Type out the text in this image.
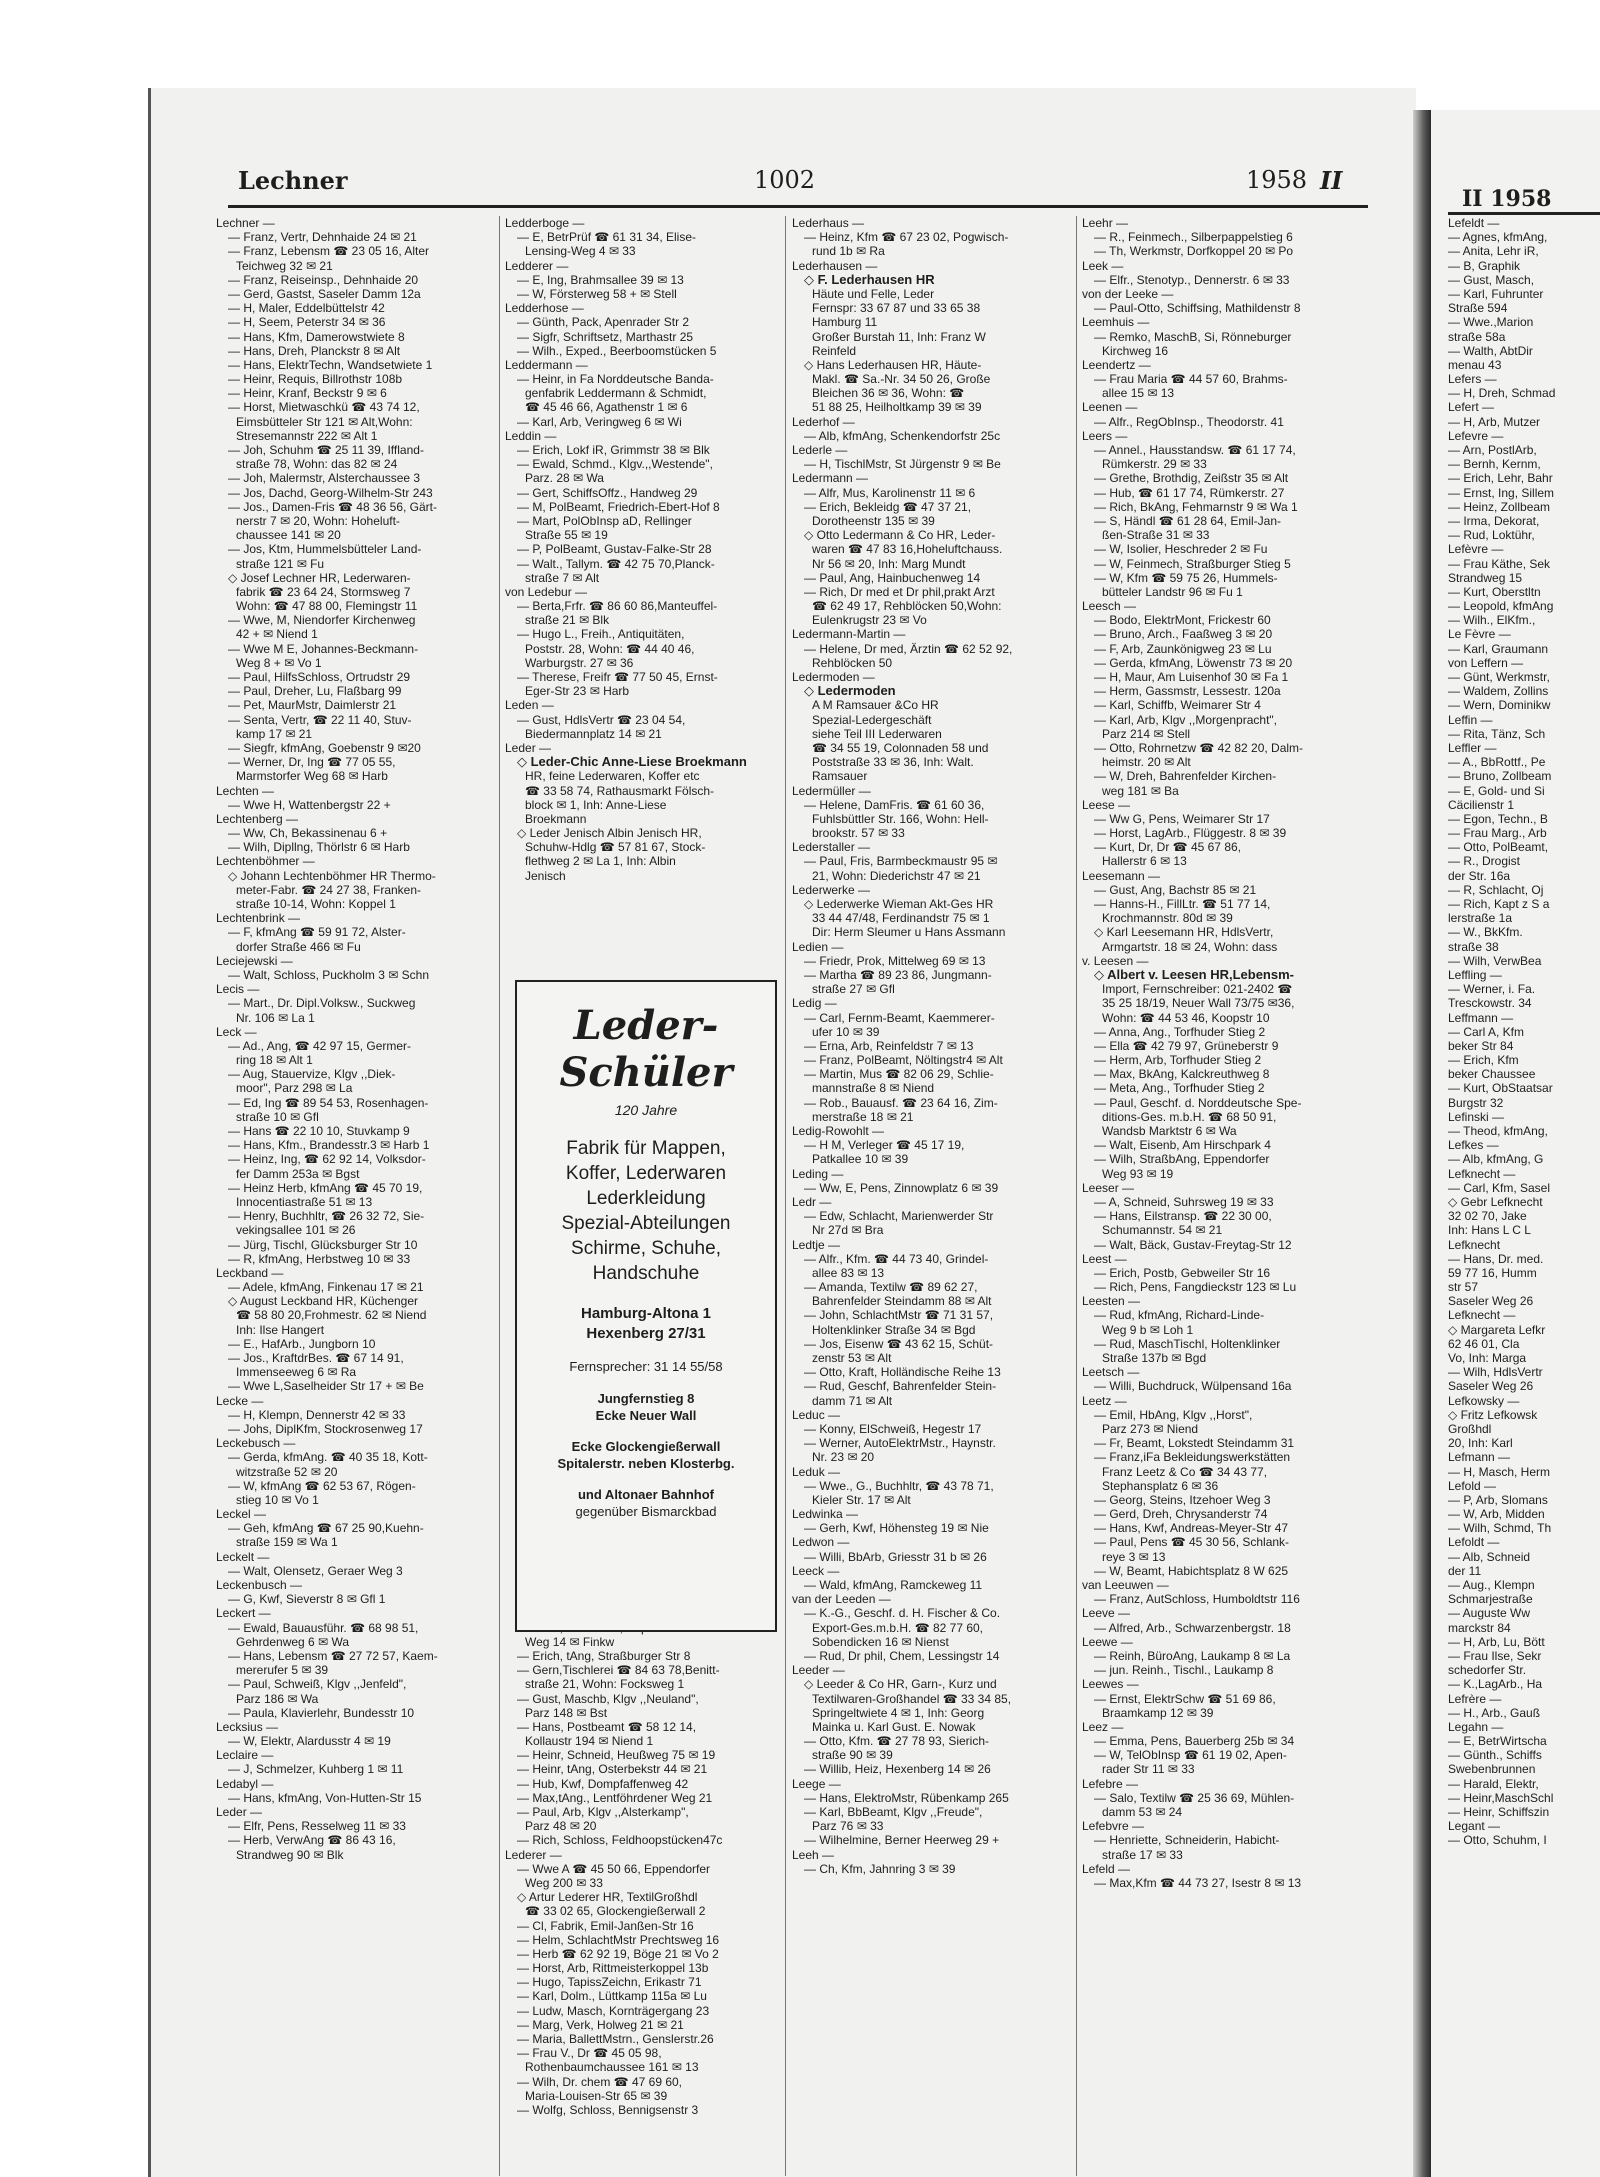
Lechner	1002	1958 II
Lechner —
— Franz, Vertr, Dehnhaide 24 ✉ 21
— Franz, Lebensm ☎ 23 05 16, Alter
Teichweg 32 ✉ 21
— Franz, Reiseinsp., Dehnhaide 20
— Gerd, Gastst, Saseler Damm 12a
— H, Maler, Eddelbüttelstr 42
— H, Seem, Peterstr 34 ✉ 36
— Hans, Kfm, Damerowstwiete 8
— Hans, Dreh, Planckstr 8 ✉ Alt
— Hans, ElektrTechn, Wandsetwiete 1
— Heinr, Requis, Billrothstr 108b
— Heinr, Kranf, Beckstr 9 ✉ 6
— Horst, Mietwaschkü ☎ 43 74 12,
Eimsbütteler Str 121 ✉ Alt,Wohn:
Stresemannstr 222 ✉ Alt 1
— Joh, Schuhm ☎ 25 11 39, Iffland-
straße 78, Wohn: das 82 ✉ 24
— Joh, Malermstr, Alsterchaussee 3
— Jos, Dachd, Georg-Wilhelm-Str 243
— Jos., Damen-Fris ☎ 48 36 56, Gärt-
nerstr 7 ✉ 20, Wohn: Hoheluft-
chaussee 141 ✉ 20
— Jos, Ktm, Hummelsbütteler Land-
straße 121 ✉ Fu
◇ Josef Lechner HR, Lederwaren-
fabrik ☎ 23 64 24, Stormsweg 7
Wohn: ☎ 47 88 00, Flemingstr 11
— Wwe, M, Niendorfer Kirchenweg
42 + ✉ Niend 1
— Wwe M E, Johannes-Beckmann-
Weg 8 + ✉ Vo 1
— Paul, HilfsSchloss, Ortrudstr 29
— Paul, Dreher, Lu, Flaßbarg 99
— Pet, MaurMstr, Daimlerstr 21
— Senta, Vertr, ☎ 22 11 40, Stuv-
kamp 17 ✉ 21
— Siegfr, kfmAng, Goebenstr 9 ✉20
— Werner, Dr, Ing ☎ 77 05 55,
Marmstorfer Weg 68 ✉ Harb
Lechten —
— Wwe H, Wattenbergstr 22 +
Lechtenberg —
— Ww, Ch, Bekassinenau 6 +
— Wilh, Dipllng, Thörlstr 6 ✉ Harb
Lechtenböhmer —
◇ Johann Lechtenböhmer HR Thermo-
meter-Fabr. ☎ 24 27 38, Franken-
straße 10-14, Wohn: Koppel 1
Lechtenbrink —
— F, kfmAng ☎ 59 91 72, Alster-
dorfer Straße 466 ✉ Fu
Leciejewski —
— Walt, Schloss, Puckholm 3 ✉ Schn
Lecis —
— Mart., Dr. Dipl.Volksw., Suckweg
Nr. 106 ✉ La 1
Leck —
— Ad., Ang, ☎ 42 97 15, Germer-
ring 18 ✉ Alt 1
— Aug, Stauervize, Klgv ,,Diek-
moor", Parz 298 ✉ La
— Ed, Ing ☎ 89 54 53, Rosenhagen-
straße 10 ✉ Gfl
— Hans ☎ 22 10 10, Stuvkamp 9
— Hans, Kfm., Brandesstr.3 ✉ Harb 1
— Heinz, Ing, ☎ 62 92 14, Volksdor-
fer Damm 253a ✉ Bgst
— Heinz Herb, kfmAng ☎ 45 70 19,
Innocentiastraße 51 ✉ 13
— Henry, Buchhltr, ☎ 26 32 72, Sie-
vekingsallee 101 ✉ 26
— Jürg, Tischl, Glücksburger Str 10
— R, kfmAng, Herbstweg 10 ✉ 33
Leckband —
— Adele, kfmAng, Finkenau 17 ✉ 21
◇ August Leckband HR, Küchenger
☎ 58 80 20,Frohmestr. 62 ✉ Niend
Inh: Ilse Hangert
— E., HafArb., Jungborn 10
— Jos., KraftdrBes. ☎ 67 14 91,
Immenseeweg 6 ✉ Ra
— Wwe L,Saselheider Str 17 + ✉ Be
Lecke —
— H, Klempn, Dennerstr 42 ✉ 33
— Johs, DiplKfm, Stockrosenweg 17
Leckebusch —
— Gerda, kfmAng. ☎ 40 35 18, Kott-
witzstraße 52 ✉ 20
— W, kfmAng ☎ 62 53 67, Rögen-
stieg 10 ✉ Vo 1
Leckel —
— Geh, kfmAng ☎ 67 25 90,Kuehn-
straße 159 ✉ Wa 1
Leckelt —
— Walt, Olensetz, Geraer Weg 3
Leckenbusch —
— G, Kwf, Sieverstr 8 ✉ Gfl 1
Leckert —
— Ewald, Bauausführ. ☎ 68 98 51,
Gehrdenweg 6 ✉ Wa
— Hans, Lebensm ☎ 27 72 57, Kaem-
mererufer 5 ✉ 39
— Paul, Schweiß, Klgv ,,Jenfeld",
Parz 186 ✉ Wa
— Paula, Klavierlehr, Bundesstr 10
Lecksius —
— W, Elektr, Alardusstr 4 ✉ 19
Leclaire —
— J, Schmelzer, Kuhberg 1 ✉ 11
Ledabyl —
— Hans, kfmAng, Von-Hutten-Str 15
Leder —
— Elfr, Pens, Resselweg 11 ✉ 33
— Herb, VerwAng ☎ 86 43 16,
Strandweg 90 ✉ Blk
Ledderboge —
— E, BetrPrüf ☎ 61 31 34, Elise-
Lensing-Weg 4 ✉ 33
Ledderer —
— E, Ing, Brahmsallee 39 ✉ 13
— W, Försterweg 58 + ✉ Stell
Ledderhose —
— Günth, Pack, Apenrader Str 2
— Sigfr, Schriftsetz, Marthastr 25
— Wilh., Exped., Beerboomstücken 5
Leddermann —
— Heinr, in Fa Norddeutsche Banda-
genfabrik Leddermann & Schmidt,
☎ 45 46 66, Agathenstr 1 ✉ 6
— Karl, Arb, Veringweg 6 ✉ Wi
Leddin —
— Erich, Lokf iR, Grimmstr 38 ✉ Blk
— Ewald, Schmd., Klgv.,,Westende",
Parz. 28 ✉ Wa
— Gert, SchiffsOffz., Handweg 29
— M, PolBeamt, Friedrich-Ebert-Hof 8
— Mart, PolObInsp aD, Rellinger
Straße 55 ✉ 19
— P, PolBeamt, Gustav-Falke-Str 28
— Walt., Tallym. ☎ 42 75 70,Planck-
straße 7 ✉ Alt
von Ledebur —
— Berta,Frfr. ☎ 86 60 86,Manteuffel-
straße 21 ✉ Blk
— Hugo L., Freih., Antiquitäten,
Poststr. 28, Wohn: ☎ 44 40 46,
Warburgstr. 27 ✉ 36
— Therese, Freifr ☎ 77 50 45, Ernst-
Eger-Str 23 ✉ Harb
Leden —
— Gust, HdlsVertr ☎ 23 04 54,
Biedermannplatz 14 ✉ 21
Leder —
◇ Leder-Chic Anne-Liese Broekmann
HR, feine Lederwaren, Koffer etc
☎ 33 58 74, Rathausmarkt Fölsch-
block ✉ 1, Inh: Anne-Liese
Broekmann
◇ Leder Jenisch Albin Jenisch HR,
Schuhw-Hdlg ☎ 57 81 67, Stock-
flethweg 2 ✉ La 1, Inh: Albin
Jenisch
Weg 14 ✉ Finkw
— Erich, tAng, Straßburger Str 8
— Gern,Tischlerei ☎ 84 63 78,Benitt-
straße 21, Wohn: Focksweg 1
— Gust, Maschb, Klgv ,,Neuland",
Parz 148 ✉ Bst
— Hans, Postbeamt ☎ 58 12 14,
Kollaustr 194 ✉ Niend 1
— Heinr, Schneid, Heußweg 75 ✉ 19
— Heinr, tAng, Osterbekstr 44 ✉ 21
— Hub, Kwf, Dompfaffenweg 42
— Max,tAng., Lentföhrdener Weg 21
— Paul, Arb, Klgv ,,Alsterkamp",
Parz 48 ✉ 20
— Rich, Schloss, Feldhoopstücken47c
Lederer —
— Wwe A ☎ 45 50 66, Eppendorfer
Weg 200 ✉ 33
◇ Artur Lederer HR, TextilGroßhdl
☎ 33 02 65, Glockengießerwall 2
— Cl, Fabrik, Emil-Janßen-Str 16
— Helm, SchlachtMstr Prechtsweg 16
— Herb ☎ 62 92 19, Böge 21 ✉ Vo 2
— Horst, Arb, Rittmeisterkoppel 13b
— Hugo, TapissZeichn, Erikastr 71
— Karl, Dolm., Lüttkamp 115a ✉ Lu
— Ludw, Masch, Kornträgergang 23
— Marg, Verk, Holweg 21 ✉ 21
— Maria, BallettMstrn., Genslerstr.26
— Frau V., Dr ☎ 45 05 98,
Rothenbaumchaussee 161 ✉ 13
— Wilh, Dr. chem ☎ 47 69 60,
Maria-Louisen-Str 65 ✉ 39
— Wolfg, Schloss, Bennigsenstr 3
Lederhaus —
— Heinz, Kfm ☎ 67 23 02, Pogwisch-
rund 1b ✉ Ra
Lederhausen —
◇ F. Lederhausen HR
Häute und Felle, Leder
Fernspr: 33 67 87 und 33 65 38
Hamburg 11
Großer Burstah 11, Inh: Franz W
Reinfeld
◇ Hans Lederhausen HR, Häute-
Makl. ☎ Sa.-Nr. 34 50 26, Große
Bleichen 36 ✉ 36, Wohn: ☎
51 88 25, Heilholtkamp 39 ✉ 39
Lederhof —
— Alb, kfmAng, Schenkendorfstr 25c
Lederle —
— H, TischlMstr, St Jürgenstr 9 ✉ Be
Ledermann —
— Alfr, Mus, Karolinenstr 11 ✉ 6
— Erich, Bekleidg ☎ 47 37 21,
Dorotheenstr 135 ✉ 39
◇ Otto Ledermann & Co HR, Leder-
waren ☎ 47 83 16,Hoheluftchauss.
Nr 56 ✉ 20, Inh: Marg Mundt
— Paul, Ang, Hainbuchenweg 14
— Rich, Dr med et Dr phil,prakt Arzt
☎ 62 49 17, Rehblöcken 50,Wohn:
Eulenkrugstr 23 ✉ Vo
Ledermann-Martin —
— Helene, Dr med, Ärztin ☎ 62 52 92,
Rehblöcken 50
Ledermoden —
◇ Ledermoden
A M Ramsauer &Co HR
Spezial-Ledergeschäft
siehe Teil III Lederwaren
☎ 34 55 19, Colonnaden 58 und
Poststraße 33 ✉ 36, Inh: Walt.
Ramsauer
Ledermüller —
— Helene, DamFris. ☎ 61 60 36,
Fuhlsbüttler Str. 166, Wohn: Hell-
brookstr. 57 ✉ 33
Lederstaller —
— Paul, Fris, Barmbeckmaustr 95 ✉
21, Wohn: Diederichstr 47 ✉ 21
Lederwerke —
◇ Lederwerke Wieman Akt-Ges HR
33 44 47/48, Ferdinandstr 75 ✉ 1
Dir: Herm Sleumer u Hans Assmann
Ledien —
— Friedr, Prok, Mittelweg 69 ✉ 13
— Martha ☎ 89 23 86, Jungmann-
straße 27 ✉ Gfl
Ledig —
— Carl, Fernm-Beamt, Kaemmerer-
ufer 10 ✉ 39
— Erna, Arb, Reinfeldstr 7 ✉ 13
— Franz, PolBeamt, Nöltingstr4 ✉ Alt
— Martin, Mus ☎ 82 06 29, Schlie-
mannstraße 8 ✉ Niend
— Rob., Bauausf. ☎ 23 64 16, Zim-
merstraße 18 ✉ 21
Ledig-Rowohlt —
— H M, Verleger ☎ 45 17 19,
Patkallee 10 ✉ 39
Leding —
— Ww, E, Pens, Zinnowplatz 6 ✉ 39
Ledr —
— Edw, Schlacht, Marienwerder Str
Nr 27d ✉ Bra
Ledtje —
— Alfr., Kfm. ☎ 44 73 40, Grindel-
allee 83 ✉ 13
— Amanda, Textilw ☎ 89 62 27,
Bahrenfelder Steindamm 88 ✉ Alt
— John, SchlachtMstr ☎ 71 31 57,
Holtenklinker Straße 34 ✉ Bgd
— Jos, Eisenw ☎ 43 62 15, Schüt-
zenstr 53 ✉ Alt
— Otto, Kraft, Holländische Reihe 13
— Rud, Geschf, Bahrenfelder Stein-
damm 71 ✉ Alt
Leduc —
— Konny, ElSchweiß, Hegestr 17
— Werner, AutoElektrMstr., Haynstr.
Nr. 23 ✉ 20
Leduk —
— Wwe., G., Buchhltr, ☎ 43 78 71,
Kieler Str. 17 ✉ Alt
Ledwinka —
— Gerh, Kwf, Höhensteg 19 ✉ Nie
Ledwon —
— Willi, BbArb, Griesstr 31 b ✉ 26
Leeck —
— Wald, kfmAng, Ramckeweg 11
van der Leeden —
— K.-G., Geschf. d. H. Fischer & Co.
Export-Ges.m.b.H. ☎ 82 77 60,
Sobendicken 16 ✉ Nienst
— Rud, Dr phil, Chem, Lessingstr 14
Leeder —
◇ Leeder & Co HR, Garn-, Kurz und
Textilwaren-Großhandel ☎ 33 34 85,
Springeltwiete 4 ✉ 1, Inh: Georg
Mainka u. Karl Gust. E. Nowak
— Otto, Kfm. ☎ 27 78 93, Sierich-
straße 90 ✉ 39
— Willib, Heiz, Hexenberg 14 ✉ 26
Leege —
— Hans, ElektroMstr, Rübenkamp 265
— Karl, BbBeamt, Klgv ,,Freude",
Parz 76 ✉ 33
— Wilhelmine, Berner Heerweg 29 +
Leeh —
— Ch, Kfm, Jahnring 3 ✉ 39
Leehr —
— R., Feinmech., Silberpappelstieg 6
— Th, Werkmstr, Dorfkoppel 20 ✉ Po
Leek —
— Elfr., Stenotyp., Dennerstr. 6 ✉ 33
von der Leeke —
— Paul-Otto, Schiffsing, Mathildenstr 8
Leemhuis —
— Remko, MaschB, Si, Rönneburger
Kirchweg 16
Leendertz —
— Frau Maria ☎ 44 57 60, Brahms-
allee 15 ✉ 13
Leenen —
— Alfr., RegObInsp., Theodorstr. 41
Leers —
— Annel., Hausstandsw. ☎ 61 17 74,
Rümkerstr. 29 ✉ 33
— Grethe, Brothdig, Zeißstr 35 ✉ Alt
— Hub, ☎ 61 17 74, Rümkerstr. 27
— Rich, BkAng, Fehmarnstr 9 ✉ Wa 1
— S, Händl ☎ 61 28 64, Emil-Jan-
ßen-Straße 31 ✉ 33
— W, Isolier, Heschreder 2 ✉ Fu
— W, Feinmech, Straßburger Stieg 5
— W, Kfm ☎ 59 75 26, Hummels-
bütteler Landstr 96 ✉ Fu 1
Leesch —
— Bodo, ElektrMont, Frickestr 60
— Bruno, Arch., Faaßweg 3 ✉ 20
— F, Arb, Zaunkönigweg 23 ✉ Lu
— Gerda, kfmAng, Löwenstr 73 ✉ 20
— H, Maur, Am Luisenhof 30 ✉ Fa 1
— Herm, Gassmstr, Lessestr. 120a
— Karl, Schiffb, Weimarer Str 4
— Karl, Arb, Klgv ,,Morgenpracht",
Parz 214 ✉ Stell
— Otto, Rohrnetzw ☎ 42 82 20, Dalm-
heimstr. 20 ✉ Alt
— W, Dreh, Bahrenfelder Kirchen-
weg 181 ✉ Ba
Leese —
— Ww G, Pens, Weimarer Str 17
— Horst, LagArb., Flüggestr. 8 ✉ 39
— Kurt, Dr, Dr ☎ 45 67 86,
Hallerstr 6 ✉ 13
Leesemann —
— Gust, Ang, Bachstr 85 ✉ 21
— Hanns-H., FillLtr. ☎ 51 77 14,
Krochmannstr. 80d ✉ 39
◇ Karl Leesemann HR, HdlsVertr,
Armgartstr. 18 ✉ 24, Wohn: dass
v. Leesen —
◇ Albert v. Leesen HR,Lebensm-
Import, Fernschreiber: 021-2402 ☎
35 25 18/19, Neuer Wall 73/75 ✉36,
Wohn: ☎ 44 53 46, Koopstr 10
— Anna, Ang., Torfhuder Stieg 2
— Ella ☎ 42 79 97, Grüneberstr 9
— Herm, Arb, Torfhuder Stieg 2
— Max, BkAng, Kalckreuthweg 8
— Meta, Ang., Torfhuder Stieg 2
— Paul, Geschf. d. Norddeutsche Spe-
ditions-Ges. m.b.H. ☎ 68 50 91,
Wandsb Marktstr 6 ✉ Wa
— Walt, Eisenb, Am Hirschpark 4
— Wilh, StraßbAng, Eppendorfer
Weg 93 ✉ 19
Leeser —
— A, Schneid, Suhrsweg 19 ✉ 33
— Hans, Eilstransp. ☎ 22 30 00,
Schumannstr. 54 ✉ 21
— Walt, Bäck, Gustav-Freytag-Str 12
Leest —
— Erich, Postb, Gebweiler Str 16
— Rich, Pens, Fangdieckstr 123 ✉ Lu
Leesten —
— Rud, kfmAng, Richard-Linde-
Weg 9 b ✉ Loh 1
— Rud, MaschTischl, Holtenklinker
Straße 137b ✉ Bgd
Leetsch —
— Willi, Buchdruck, Wülpensand 16a
Leetz —
— Emil, HbAng, Klgv ,,Horst",
Parz 273 ✉ Niend
— Fr, Beamt, Lokstedt Steindamm 31
— Franz,iFa Bekleidungswerkstätten
Franz Leetz & Co ☎ 34 43 77,
Stephansplatz 6 ✉ 36
— Georg, Steins, Itzehoer Weg 3
— Gerd, Dreh, Chrysanderstr 74
— Hans, Kwf, Andreas-Meyer-Str 47
— Paul, Pens ☎ 45 30 56, Schlank-
reye 3 ✉ 13
— W, Beamt, Habichtsplatz 8 W 625
van Leeuwen —
— Franz, AutSchloss, Humboldtstr 116
Leeve —
— Alfred, Arb., Schwarzenbergstr. 18
Leewe —
— Reinh, BüroAng, Laukamp 8 ✉ La
— jun. Reinh., Tischl., Laukamp 8
Leewes —
— Ernst, ElektrSchw ☎ 51 69 86,
Braamkamp 12 ✉ 39
Leez —
— Emma, Pens, Bauerberg 25b ✉ 34
— W, TelObInsp ☎ 61 19 02, Apen-
rader Str 11 ✉ 33
Lefebre —
— Salo, Textilw ☎ 25 36 69, Mühlen-
damm 53 ✉ 24
Lefebvre —
— Henriette, Schneiderin, Habicht-
straße 17 ✉ 33
Lefeld —
— Max,Kfm ☎ 44 73 27, Isestr 8 ✉ 13
Leder-Schüler
120 Jahre
Fabrik für Mappen,
Koffer, Lederwaren
Lederkleidung
Spezial-Abteilungen
Schirme, Schuhe,
Handschuhe
Hamburg-Altona 1
Hexenberg 27/31
Fernsprecher: 31 14 55/58
Jungfernstieg 8
Ecke Neuer Wall
Ecke Glockengießerwall
Spitalerstr. neben Klosterbg.
und Altonaer Bahnhof
gegenüber Bismarckbad
II 1958
Lefeldt —
— Agnes, kfmAng,
— Anita, Lehr iR,
— B, Graphik
— Gust, Masch,
— Karl, Fuhrunter
Straße 594
— Wwe.,Marion
straße 58a
— Walth, AbtDir
menau 43
Lefers —
— H, Dreh, Schmad
Lefert —
— H, Arb, Mutzer
Lefevre —
— Arn, PostlArb,
— Bernh, Kernm,
— Erich, Lehr, Bahr
— Ernst, Ing, Sillem
— Heinz, Zollbeam
— Irma, Dekorat,
— Rud, Loktühr,
Lefèvre —
— Frau Käthe, Sek
Strandweg 15
— Kurt, Oberstltn
— Leopold, kfmAng
— Wilh., ElKfm.,
Le Fèvre —
— Karl, Graumann
von Leffern —
— Günt, Werkmstr,
— Waldem, Zollins
— Wern, Dominikw
Leffin —
— Rita, Tänz, Sch
Leffler —
— A., BbRottf., Pe
— Bruno, Zollbeam
— E, Gold- und Si
Cäcilienstr 1
— Egon, Techn., B
— Frau Marg., Arb
— Otto, PolBeamt,
— R., Drogist
der Str. 16a
— R, Schlacht, Oj
— Rich, Kapt z S a
lerstraße 1a
— W., BkKfm.
straße 38
— Wilh, VerwBea
Leffling —
— Werner, i. Fa.
Tresckowstr. 34
Leffmann —
— Carl A, Kfm
beker Str 84
— Erich, Kfm
beker Chaussee
— Kurt, ObStaatsar
Burgstr 32
Lefinski —
— Theod, kfmAng,
Lefkes —
— Alb, kfmAng, G
Lefknecht —
— Carl, Kfm, Sasel
◇ Gebr Lefknecht
32 02 70, Jake
Inh: Hans L C L
Lefknecht
— Hans, Dr. med.
59 77 16, Humm
str 57
Saseler Weg 26
Lefknecht —
◇ Margareta Lefkr
62 46 01, Cla
Vo, Inh: Marga
— Wilh, HdlsVertr
Saseler Weg 26
Lefkowsky —
◇ Fritz Lefkowsk
Großhdl
20, Inh: Karl
Lefmann —
— H, Masch, Herm
Lefold —
— P, Arb, Slomans
— W, Arb, Midden
— Wilh, Schmd, Th
Lefoldt —
— Alb, Schneid
der 11
— Aug., Klempn
Schmarjestraße
— Auguste Ww
marckstr 84
— H, Arb, Lu, Bött
— Frau Ilse, Sekr
schedorfer Str.
— K.,LagArb., Ha
Lefrère —
— H., Arb., Gauß
Legahn —
— E, BetrWirtscha
— Günth., Schiffs
Swebenbrunnen
— Harald, Elektr,
— Heinr,MaschSchl
— Heinr, Schiffszin
Legant —
— Otto, Schuhm, I
